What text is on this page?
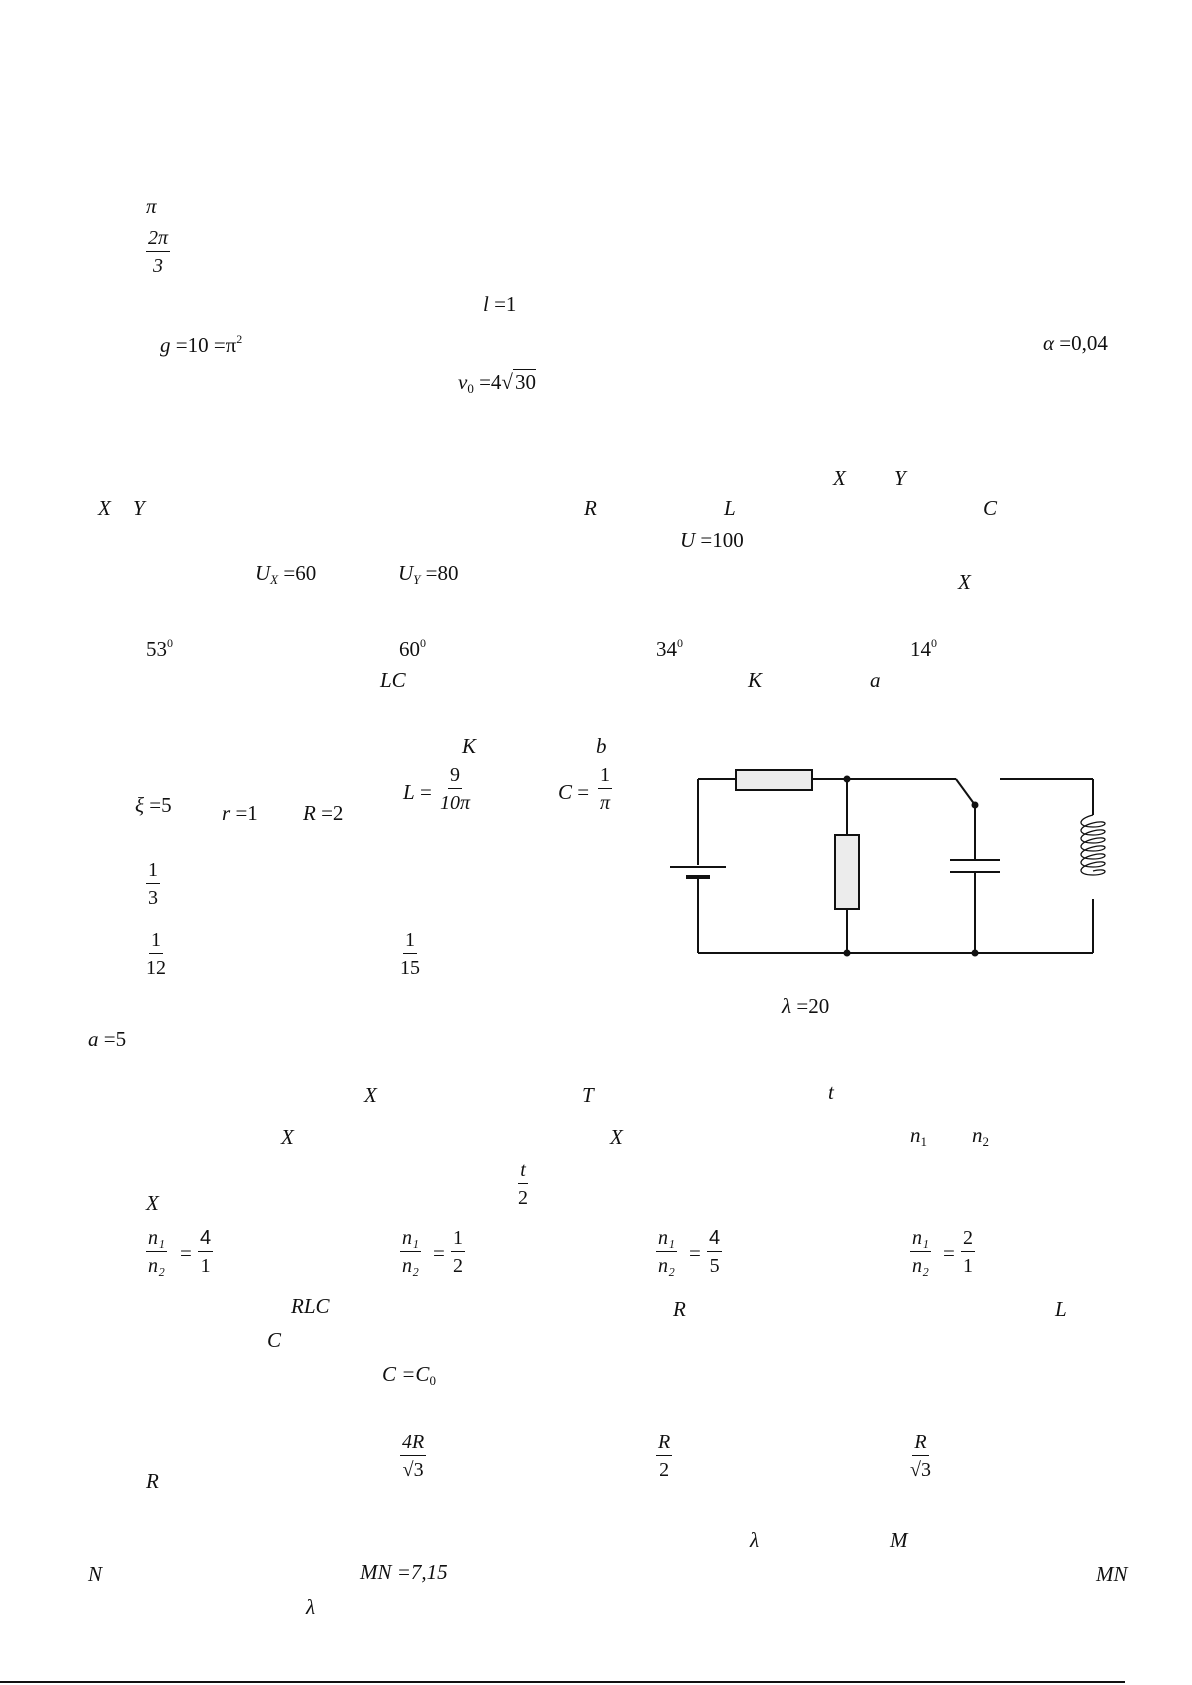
π
$\frac{2\pi}{3}$
l =1
$g =10 =\pi^2$	α =0,04
$v_0 =4√30$
X Y
X Y	R	L	C
U =100
$U_X =60$	$U_Y =80$	X
$53^0$	$60^0$	$34^0$	$14^0$
LC	K	a
K	b
ξ =5 r =1 R =2
$L = \frac{9}{10\pi}$	$C = \frac{1}{\pi}$
$\frac{1}{3}$
$\frac{1}{12}$	$\frac{1}{15}$
λ =20
a =5
X	T	t
X	X	$n_1$ $n_2$
$\frac{t}{2}$
X
$\frac{\text{n₁}}{\text{n₂}} = \frac{4}{1}$	$\frac{\text{n₁}}{\text{n₂}} = \frac{1}{2}$	$\frac{\text{n₁}}{\text{n₂}} = \frac{4}{5}$	$\frac{\text{n₁}}{\text{n₂}} = \frac{2}{1}$
RLC	R	L
C
$C =C_0$
R
$\frac{4R}{√3}$	$\frac{R}{2}$	$\frac{R}{√3}$
λ	M
N	MN =7,15	MN
λ
